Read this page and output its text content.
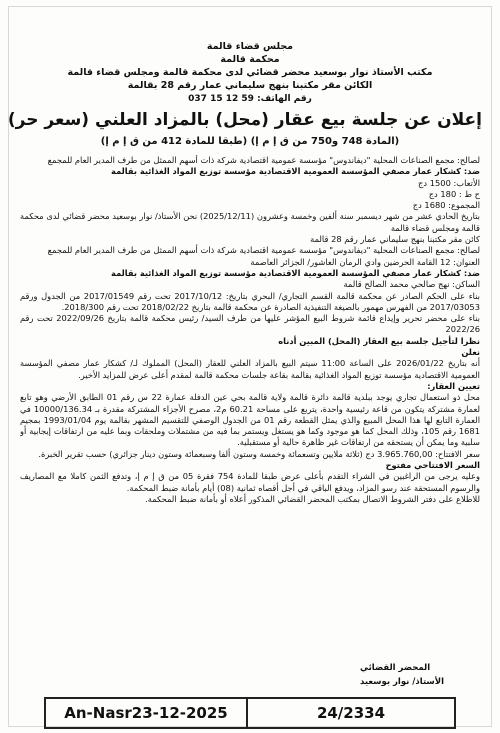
مجلس قضاء قالمة
محكمة قالمة
مكتب الأستاذ نوار بوسعيد محضر قضائي لدى محكمة قالمة ومجلس قضاء قالمة
الكائن مقر مكتبنا بنهج سليماني عمار رقم 28 بقالمة
رقم الهاتف: 59 12 15 037
إعلان عن جلسة بيع عقار (محل) بالمزاد العلني (سعر حر)
(المادة 748 و750 من ق إ م إ) (طبقا للمادة 412 من ق إ م إ)

لصالح: مجمع الصناعات المحلية "ديفاندوس" مؤسسة عمومية اقتصادية شركة ذات أسهم الممثل من طرف المدير العام للمجمع

ضد: كشكار عمار مصفي المؤسسة العمومية الاقتصادية مؤسسة توزيع المواد الغذائية بقالمة

الأتعاب: 1500 دج

ح ط : 180 دج

المجموع: 1680 دج

بتاريخ الحادي عشر من شهر ديسمبر سنة ألفين وخمسة وعشرون (2025/12/11) نحن الأستاذ/ نوار بوسعيد محضر قضائي لدى محكمة قالمة ومجلس قضاء قالمة

كائن مقر مكتبنا بنهج سليماني عمار رقم 28 قالمة

لصالح: مجمع الصناعات المحلية "ديفاندوس" مؤسسة عمومية اقتصادية شركة ذات أسهم الممثل من طرف المدير العام للمجمع

العنوان: 12 القامة الحرضين وادي الرمان العاشور/ الجزائر العاصمة

ضد: كشكار عمار مصفي المؤسسة العمومية الاقتصادية مؤسسة توزيع المواد الغذائية بقالمة

الساكن: نهج صالحي محمد الصالح قالمة

بناء على الحكم الصادر عن محكمة قالمة القسم التجاري/ البحري بتاريخ: 2017/10/12 تحت رقم 2017/01549 من الجدول ورقم 2017/03053 من الفهرس مهمور بالصيغة التنفيذية الصادرة عن محكمة قالمة بتاريخ 2018/02/22 تحت رقم 2018/300.

بناء على محضر تحرير وإيداع قائمة شروط البيع المؤشر عليها من طرف السيد/ رئيس محكمة قالمة بتاريخ 2022/09/26 تحت رقم 2022/26

نظرا لتأجيل جلسة بيع العقار (المحل) المبين أدناه

نعلن

أنه بتاريخ 2026/01/22 على الساعة 11:00 سيتم البيع بالمزاد العلني للعقار (المحل) المملوك لـ/ كشكار عمار مصفي المؤسسة العمومية الاقتصادية مؤسسة توزيع المواد الغذائية بقالمة بقاعة جلسات محكمة قالمة لمقدم أعلى عرض للمزايد الأخير.

تعيين العقار:

محل ذو استعمال تجاري يوجد ببلدية قالمة دائرة قالمة ولاية قالمة بحي عين الدفلة عمارة 22 س رقم 01 الطابق الأرضي وهو تابع لعمارة مشتركة يتكون من قاعة رئيسية واحدة، يتربع على مساحة 60.21 م2، مصرح الأجزاء المشتركة مقدرة بـ 10000/136.34 في العمارة التابع لها هذا المحل المبيع والذي يمثل القطعة رقم 01 من الجدول الوصفي للتقسيم المشهر بقالمة يوم 1993/01/04 بمجيم 1681 رقم 105، وذلك المحل كما هو موجود وكما هو يستغل ويستمر بما فيه من مشتملات وملحقات وبما عليه من ارتفاقات إيجابية أو سلبية وما يمكن أن يستحقه من ارتفاقات غير ظاهرة حالية أو مستقبلية.

سعر الافتتاح: 3.965.760,00 دج (ثلاثة ملايين وتسعمائة وخمسة وستون ألفا وسبعمائة وستون دينار جزائري) حسب تقرير الخبرة.

السعر الافتتاحي مفتوح

وعليه يرجى من الراغبين في الشراء التقدم بأعلى عرض طبقا للمادة 754 فقرة 05 من ق إ م إ، وتدفع الثمن كاملا مع المصاريف والرسوم المستحقة عند رسو المزاد، ويدفع الباقي في أجل أقصاه ثمانية (08) أيام بأمانة ضبط المحكمة.

للاطلاع على دفتر الشروط الاتصال بمكتب المحضر القضائي المذكور أعلاه أو بأمانة ضبط المحكمة.

المحضر القضائي
الأستاذ/ نوار بوسعيد
An-Nasr23-12-2025	24/2334
